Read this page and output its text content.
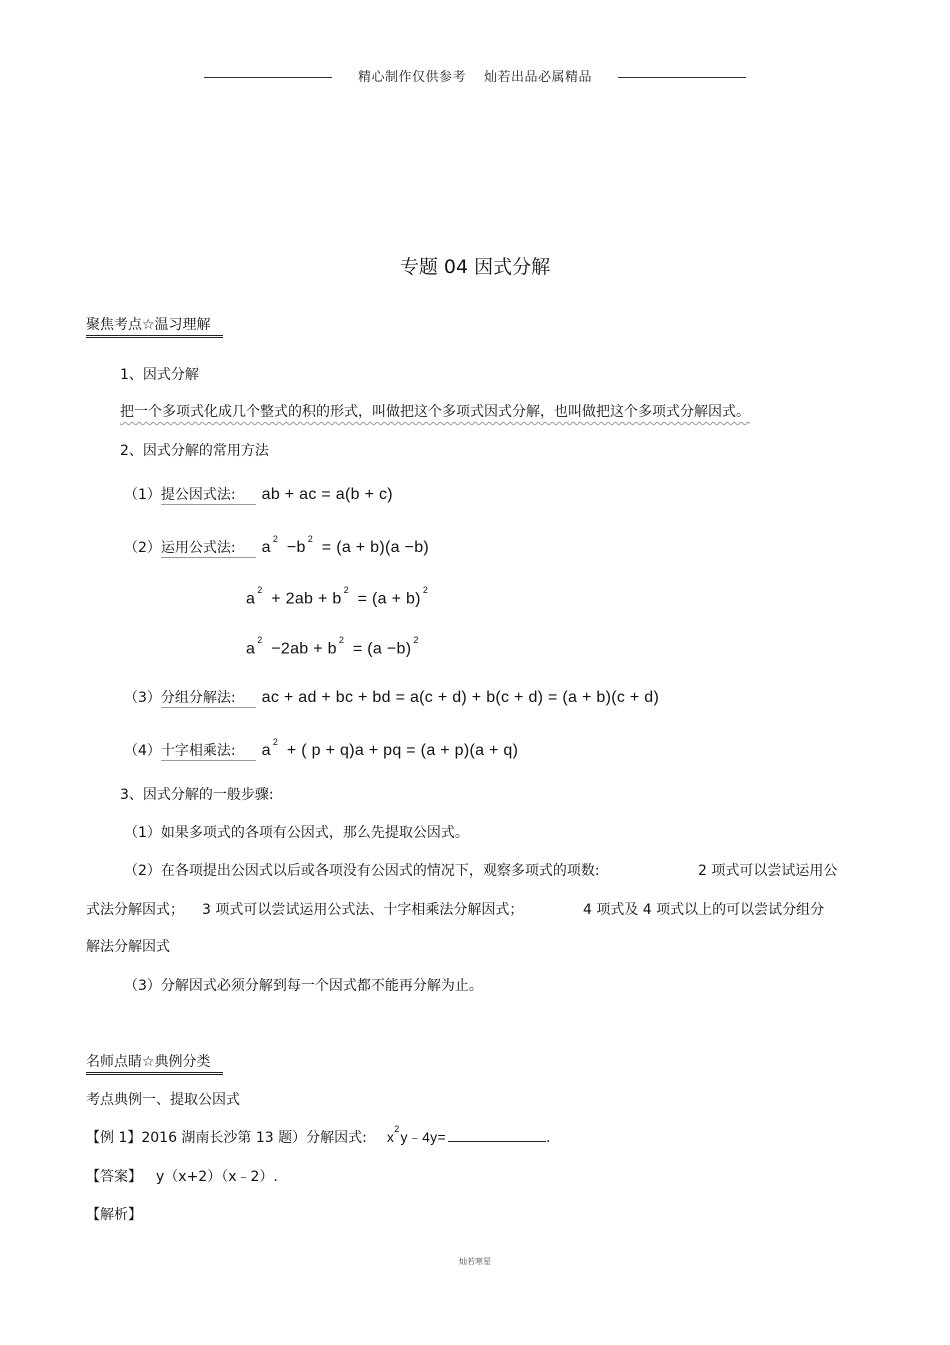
精心制作仅供参考 灿若出品必属精品
专题 04 因式分解
聚焦考点☆温习理解
1、因式分解
把一个多项式化成几个整式的积的形式，叫做把这个多项式因式分解，也叫做把这个多项式分解因式。
2、因式分解的常用方法
（1）提公因式法: ab + ac = a(b + c)
（2）运用公式法: $a^2 -b^2 = (a + b)(a -b)$
$a^2 + 2ab + b^2 = (a + b)^2$
$a^2 -2ab + b^2 = (a -b)^2$
（3）分组分解法: ac + ad + bc + bd = a(c + d) + b(c + d) = (a + b)(c + d)
（4）十字相乘法: $a^2$ + ( p + q)a + pq = (a + p)(a + q)
3、因式分解的一般步骤:
（1）如果多项式的各项有公因式，那么先提取公因式。
（2）在各项提出公因式以后或各项没有公因式的情况下，观察多项式的项数:	2 项式可以尝试运用公
式法分解因式； 3 项式可以尝试运用公式法、十字相乘法分解因式；	4 项式及 4 项式以上的可以尝试分组分
解法分解因式
（3）分解因式必须分解到每一个因式都不能再分解为止。
名师点睛☆典例分类
考点典例一、提取公因式
【例 1】2016 湖南长沙第 13 题）分解因式: $x^2y﹣4y=$	.
【答案】 y（x+2）（x﹣2）.
【解析】
灿若寒星
